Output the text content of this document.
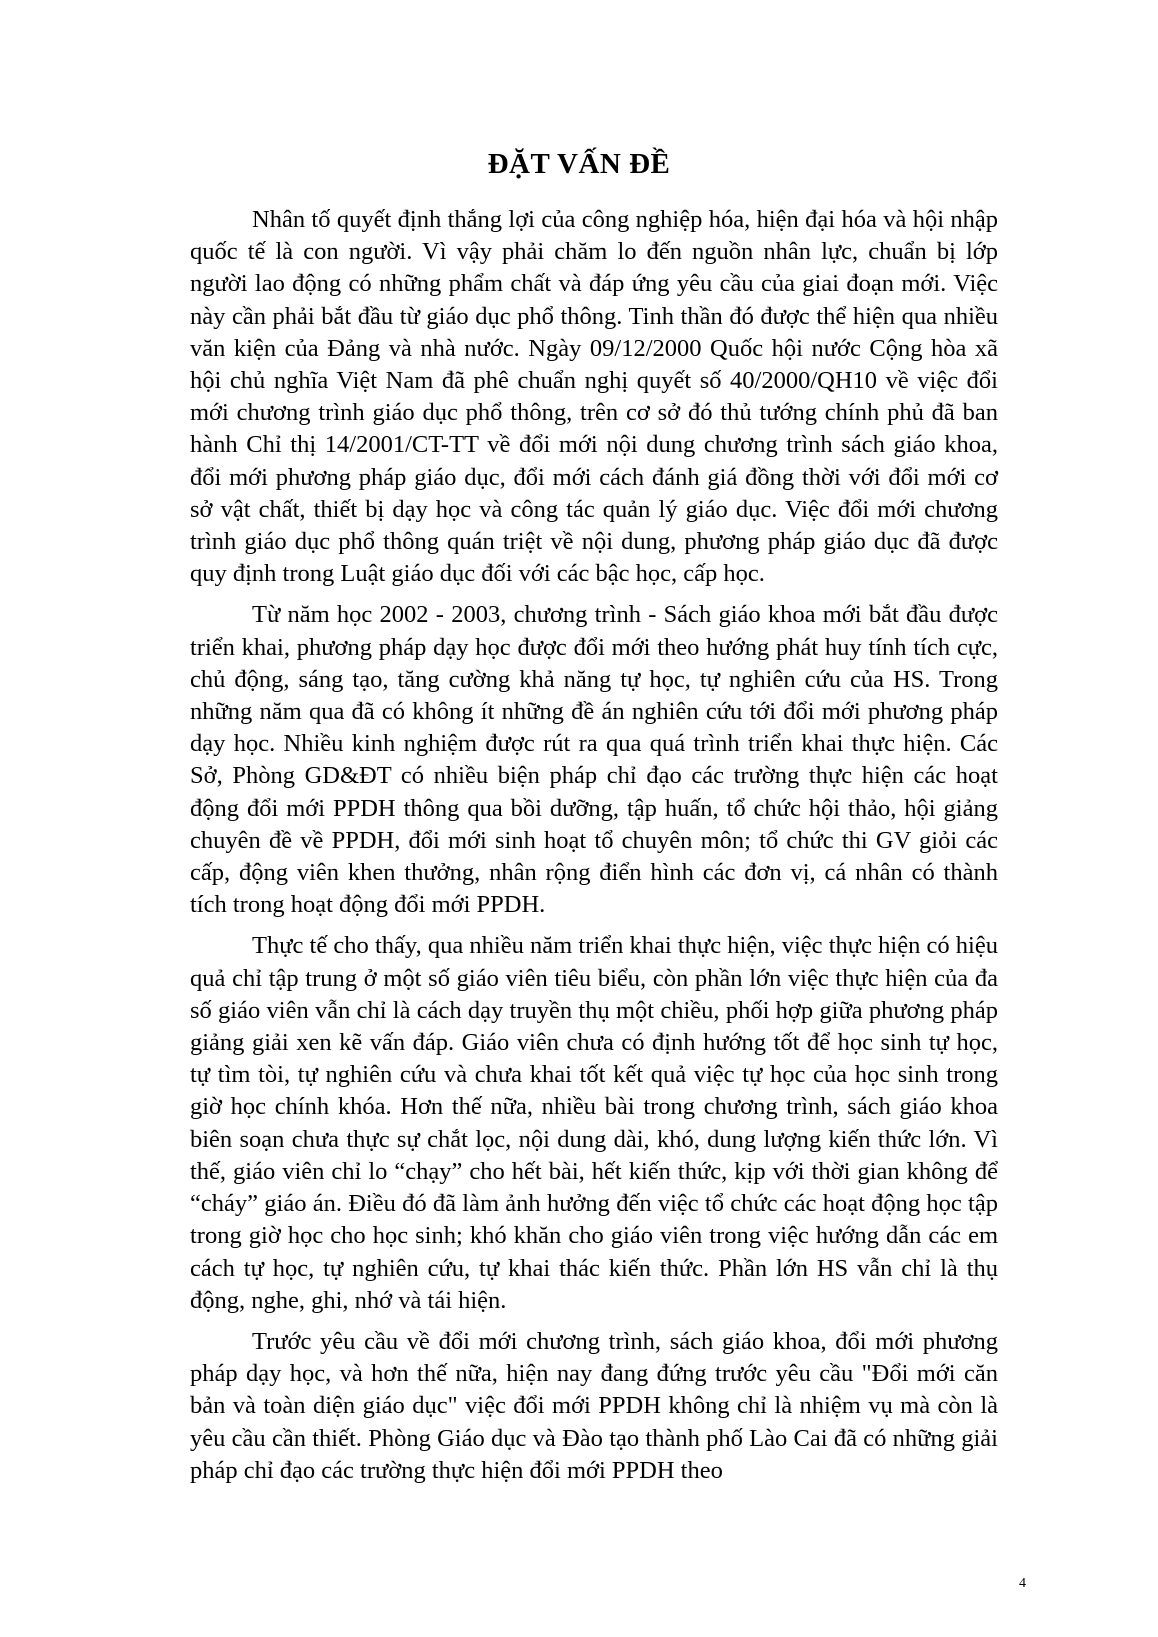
ĐẶT VẤN ĐỀ

Nhân tố quyết định thắng lợi của công nghiệp hóa, hiện đại hóa và hội nhập quốc tế là con người. Vì vậy phải chăm lo đến nguồn nhân lực, chuẩn bị lớp người lao động có những phẩm chất và đáp ứng yêu cầu của giai đoạn mới. Việc này cần phải bắt đầu từ giáo dục phổ thông. Tinh thần đó được thể hiện qua nhiều văn kiện của Đảng và nhà nước. Ngày 09/12/2000 Quốc hội nước Cộng hòa xã hội chủ nghĩa Việt Nam đã phê chuẩn nghị quyết số 40/2000/QH10 về việc đổi mới chương trình giáo dục phổ thông, trên cơ sở đó thủ tướng chính phủ đã ban hành Chỉ thị 14/2001/CT-TT về đổi mới nội dung chương trình sách giáo khoa, đổi mới phương pháp giáo dục, đổi mới cách đánh giá đồng thời với đổi mới cơ sở vật chất, thiết bị dạy học và công tác quản lý giáo dục. Việc đổi mới chương trình giáo dục phổ thông quán triệt về nội dung, phương pháp giáo dục đã được quy định trong Luật giáo dục đối với các bậc học, cấp học.

Từ năm học 2002 - 2003, chương trình - Sách giáo khoa mới bắt đầu được triển khai, phương pháp dạy học được đổi mới theo hướng phát huy tính tích cực, chủ động, sáng tạo, tăng cường khả năng tự học, tự nghiên cứu của HS. Trong những năm qua đã có không ít những đề án nghiên cứu tới đổi mới phương pháp dạy học. Nhiều kinh nghiệm được rút ra qua quá trình triển khai thực hiện. Các Sở, Phòng GD&ĐT có nhiều biện pháp chỉ đạo các trường thực hiện các hoạt động đổi mới PPDH thông qua bồi dưỡng, tập huấn, tổ chức hội thảo, hội giảng chuyên đề về PPDH, đổi mới sinh hoạt tổ chuyên môn; tổ chức thi GV giỏi các cấp, động viên khen thưởng, nhân rộng điển hình các đơn vị, cá nhân có thành tích trong hoạt động đổi mới PPDH.

Thực tế cho thấy, qua nhiều năm triển khai thực hiện, việc thực hiện có hiệu quả chỉ tập trung ở một số giáo viên tiêu biểu, còn phần lớn việc thực hiện của đa số giáo viên vẫn chỉ là cách dạy truyền thụ một chiều, phối hợp giữa phương pháp giảng giải xen kẽ vấn đáp. Giáo viên chưa có định hướng tốt để học sinh tự học, tự tìm tòi, tự nghiên cứu và chưa khai tốt kết quả việc tự học của học sinh trong giờ học chính khóa. Hơn thế nữa, nhiều bài trong chương trình, sách giáo khoa biên soạn chưa thực sự chắt lọc, nội dung dài, khó, dung lượng kiến thức lớn. Vì thế, giáo viên chỉ lo “chạy” cho hết bài, hết kiến thức, kịp với thời gian không để “cháy” giáo án. Điều đó đã làm ảnh hưởng đến việc tổ chức các hoạt động học tập trong giờ học cho học sinh; khó khăn cho giáo viên trong việc hướng dẫn các em cách tự học, tự nghiên cứu, tự khai thác kiến thức. Phần lớn HS vẫn chỉ là thụ động, nghe, ghi, nhớ và tái hiện.

Trước yêu cầu về đổi mới chương trình, sách giáo khoa, đổi mới phương pháp dạy học, và hơn thế nữa, hiện nay đang đứng trước yêu cầu "Đổi mới căn bản và toàn diện giáo dục" việc đổi mới PPDH không chỉ là nhiệm vụ mà còn là yêu cầu cần thiết. Phòng Giáo dục và Đào tạo thành phố Lào Cai đã có những giải pháp chỉ đạo các trường thực hiện đổi mới PPDH theo

4
